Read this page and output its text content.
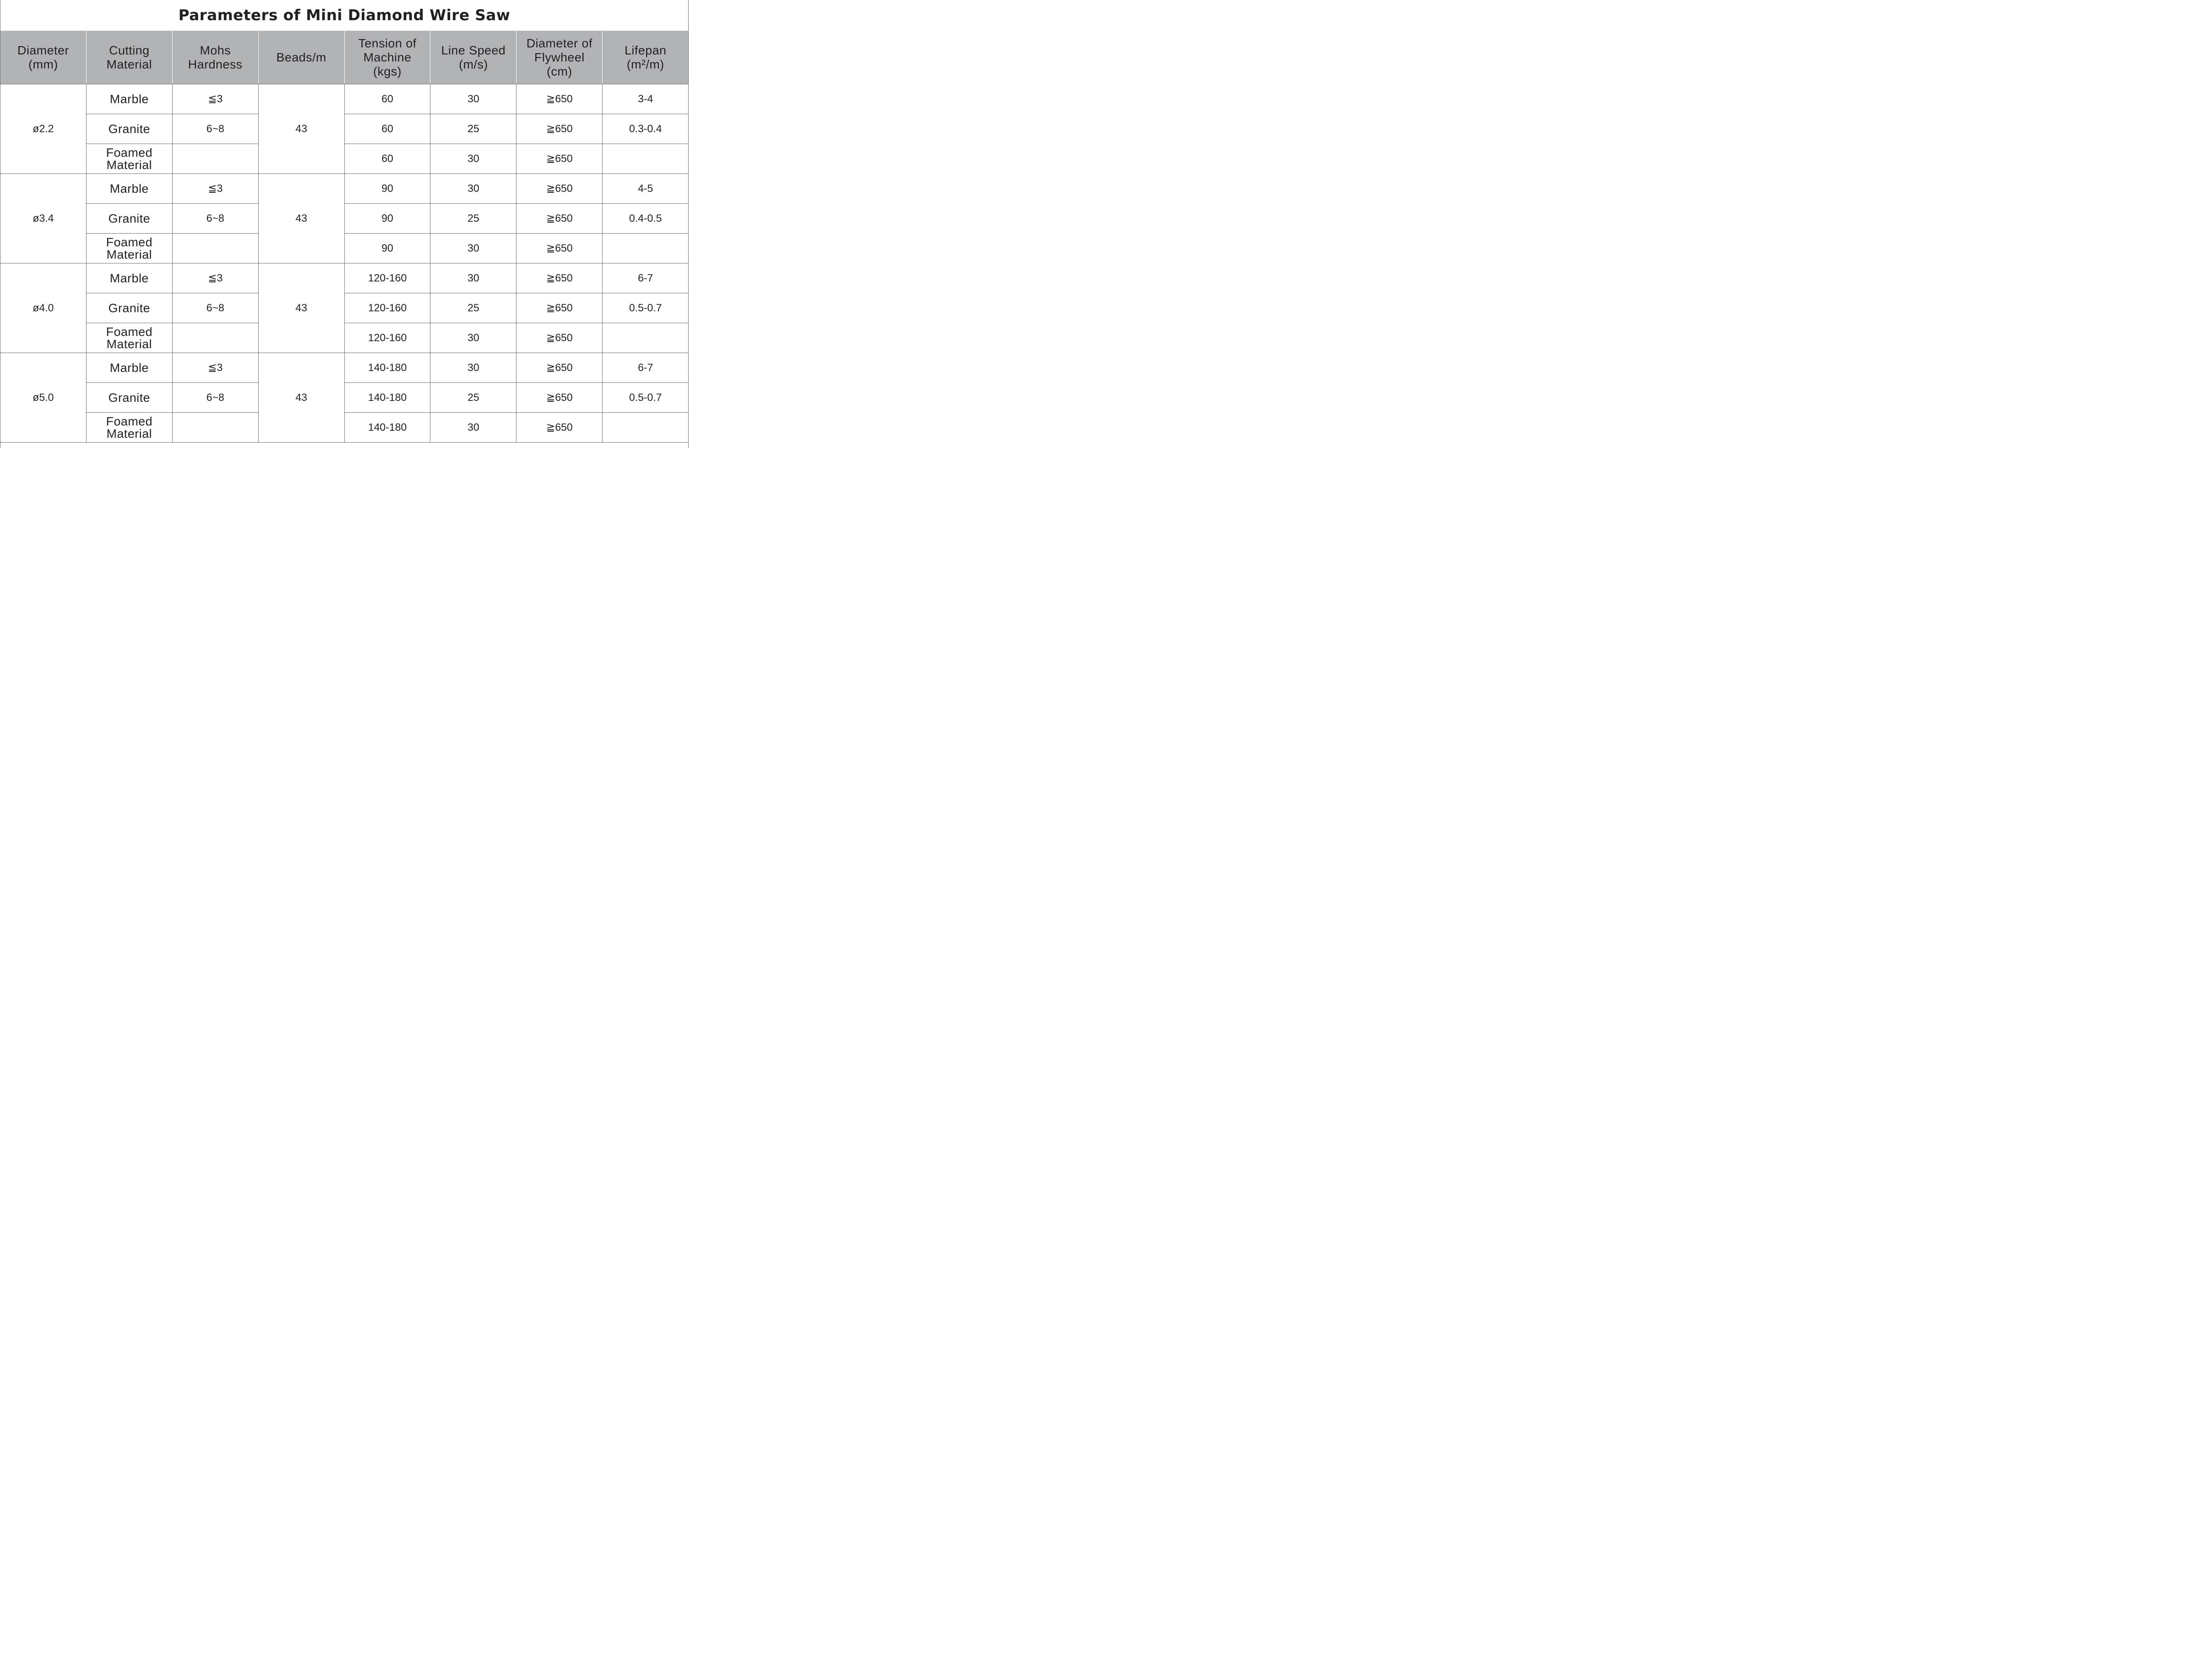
Parameters of Mini Diamond Wire Saw
Diameter
(mm)	Cutting
Material	Mohs
Hardness	Beads/m	Tension of
Machine
(kgs)	Line Speed
(m/s)	Diameter of
Flywheel
(cm)	Lifepan
(m²/m)
ø2.2	Marble	≦3	43	60	30	≧650	3-4
	Granite	6~8		60	25	≧650	0.3-0.4
	Foamed
Material			60	30	≧650	
ø3.4	Marble	≦3	43	90	30	≧650	4-5
	Granite	6~8		90	25	≧650	0.4-0.5
	Foamed
Material			90	30	≧650	
ø4.0	Marble	≦3	43	120-160	30	≧650	6-7
	Granite	6~8		120-160	25	≧650	0.5-0.7
	Foamed
Material			120-160	30	≧650	
ø5.0	Marble	≦3	43	140-180	30	≧650	6-7
	Granite	6~8		140-180	25	≧650	0.5-0.7
	Foamed
Material			140-180	30	≧650	
